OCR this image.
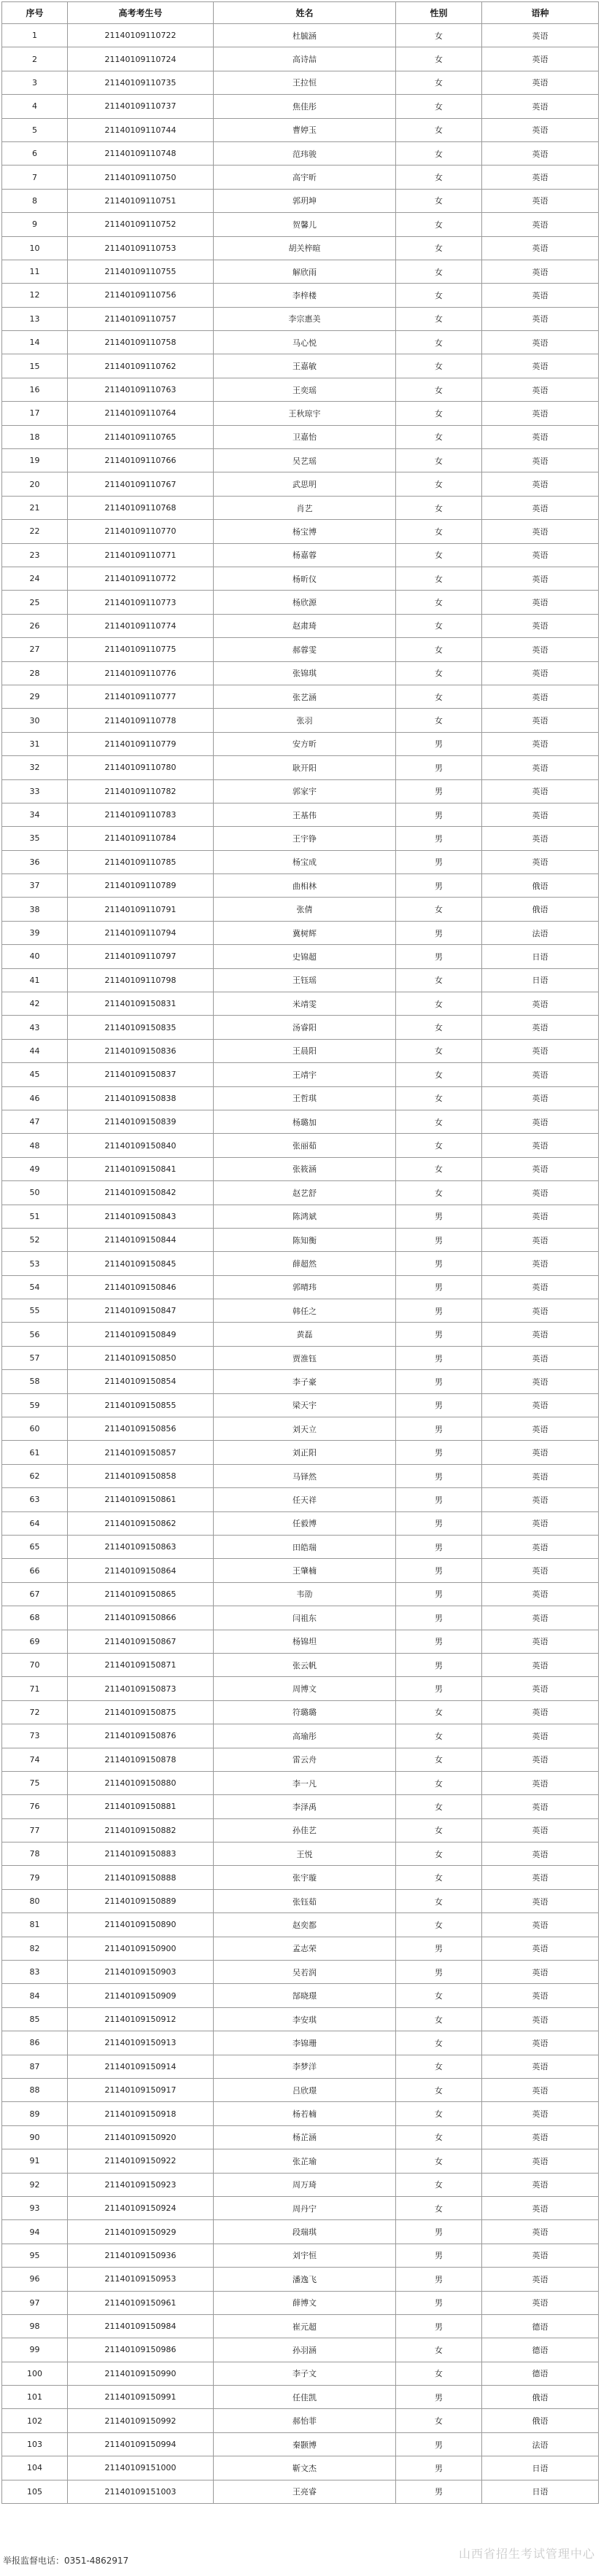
序号	高考考生号	姓名	性别	语种
1	21140109110722	杜毓涵	女	英语
2	21140109110724	高诗喆	女	英语
3	21140109110735	王拉恒	女	英语
4	21140109110737	焦佳彤	女	英语
5	21140109110744	曹婷玉	女	英语
6	21140109110748	范玮骏	女	英语
7	21140109110750	高宇昕	女	英语
8	21140109110751	郭玥坤	女	英语
9	21140109110752	贺馨儿	女	英语
10	21140109110753	胡关梓暄	女	英语
11	21140109110755	解欣雨	女	英语
12	21140109110756	李梓楼	女	英语
13	21140109110757	李宗惠美	女	英语
14	21140109110758	马心悦	女	英语
15	21140109110762	王嘉敏	女	英语
16	21140109110763	王奕瑶	女	英语
17	21140109110764	王秋琼宇	女	英语
18	21140109110765	卫嘉怡	女	英语
19	21140109110766	吴艺瑶	女	英语
20	21140109110767	武思明	女	英语
21	21140109110768	肖艺	女	英语
22	21140109110770	杨宝博	女	英语
23	21140109110771	杨嘉蓉	女	英语
24	21140109110772	杨昕仪	女	英语
25	21140109110773	杨欣源	女	英语
26	21140109110774	赵肃琦	女	英语
27	21140109110775	郝蓉雯	女	英语
28	21140109110776	张锦琪	女	英语
29	21140109110777	张艺涵	女	英语
30	21140109110778	张羽	女	英语
31	21140109110779	安方昕	男	英语
32	21140109110780	耿开阳	男	英语
33	21140109110782	郭家宇	男	英语
34	21140109110783	王基伟	男	英语
35	21140109110784	王宇铮	男	英语
36	21140109110785	杨宝成	男	英语
37	21140109110789	曲相林	男	俄语
38	21140109110791	张倩	女	俄语
39	21140109110794	冀树辉	男	法语
40	21140109110797	史锦超	男	日语
41	21140109110798	王钰瑶	女	日语
42	21140109150831	米靖雯	女	英语
43	21140109150835	汤睿阳	女	英语
44	21140109150836	王晨阳	女	英语
45	21140109150837	王靖宇	女	英语
46	21140109150838	王哲琪	女	英语
47	21140109150839	杨璐加	女	英语
48	21140109150840	张丽茹	女	英语
49	21140109150841	张筱涵	女	英语
50	21140109150842	赵艺舒	女	英语
51	21140109150843	陈鸿斌	男	英语
52	21140109150844	陈知衡	男	英语
53	21140109150845	薛超然	男	英语
54	21140109150846	郭晴玮	男	英语
55	21140109150847	韩任之	男	英语
56	21140109150849	黄磊	男	英语
57	21140109150850	贾淮钰	男	英语
58	21140109150854	李子豪	男	英语
59	21140109150855	梁天宇	男	英语
60	21140109150856	刘天立	男	英语
61	21140109150857	刘正阳	男	英语
62	21140109150858	马铎然	男	英语
63	21140109150861	任天祥	男	英语
64	21140109150862	任毅博	男	英语
65	21140109150863	田皓瑞	男	英语
66	21140109150864	王肇楠	男	英语
67	21140109150865	韦劭	男	英语
68	21140109150866	闫祖东	男	英语
69	21140109150867	杨锦坦	男	英语
70	21140109150871	张云帆	男	英语
71	21140109150873	周博文	男	英语
72	21140109150875	符璐璐	女	英语
73	21140109150876	高瑜彤	女	英语
74	21140109150878	雷云舟	女	英语
75	21140109150880	李一凡	女	英语
76	21140109150881	李泽禹	女	英语
77	21140109150882	孙佳艺	女	英语
78	21140109150883	王悦	女	英语
79	21140109150888	张宇璇	女	英语
80	21140109150889	张钰茹	女	英语
81	21140109150890	赵奕都	女	英语
82	21140109150900	孟志荣	男	英语
83	21140109150903	吴若润	男	英语
84	21140109150909	郜晓璟	女	英语
85	21140109150912	李安琪	女	英语
86	21140109150913	李锦珊	女	英语
87	21140109150914	李梦洋	女	英语
88	21140109150917	吕欣璟	女	英语
89	21140109150918	杨若楠	女	英语
90	21140109150920	杨芷涵	女	英语
91	21140109150922	张芷瑜	女	英语
92	21140109150923	周万琦	女	英语
93	21140109150924	周丹宁	女	英语
94	21140109150929	段瑞琪	男	英语
95	21140109150936	刘宇恒	男	英语
96	21140109150953	潘逸飞	男	英语
97	21140109150961	薛博文	男	英语
98	21140109150984	崔元超	男	德语
99	21140109150986	孙羽涵	女	德语
100	21140109150990	李子文	女	德语
101	21140109150991	任佳凯	男	俄语
102	21140109150992	郝怡菲	女	俄语
103	21140109150994	秦颢博	男	法语
104	21140109151000	靳文杰	男	日语
105	21140109151003	王亮睿	男	日语
山西省招生考试管理中心
举报监督电话：0351-4862917
